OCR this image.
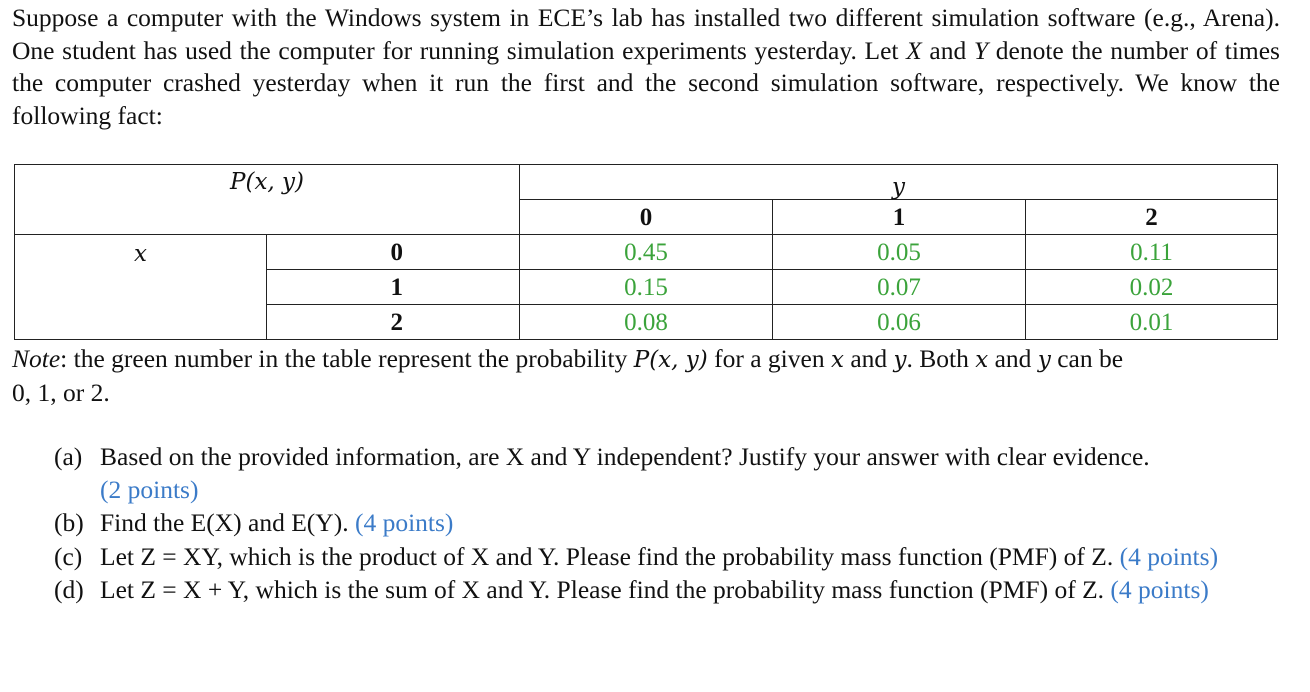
Suppose a computer with the Windows system in ECE’s lab has installed two different simulation software (e.g., Arena). One student has used the computer for running simulation experiments yesterday. Let X and Y denote the number of times the computer crashed yesterday when it run the first and the second simulation software, respectively. We know the following fact:
P(x, y)		y		
		0	1	2
x	0	0.45	0.05	0.11
	1	0.15	0.07	0.02
	2	0.08	0.06	0.01
Note: the green number in the table represent the probability P(x, y) for a given x and y. Both x and y can be
0, 1, or 2.
(a) Based on the provided information, are X and Y independent? Justify your answer with clear evidence.
(2 points)
(b) Find the E(X) and E(Y). (4 points)
(c) Let Z = XY, which is the product of X and Y. Please find the probability mass function (PMF) of Z. (4 points)
(d) Let Z = X + Y, which is the sum of X and Y. Please find the probability mass function (PMF) of Z. (4 points)
